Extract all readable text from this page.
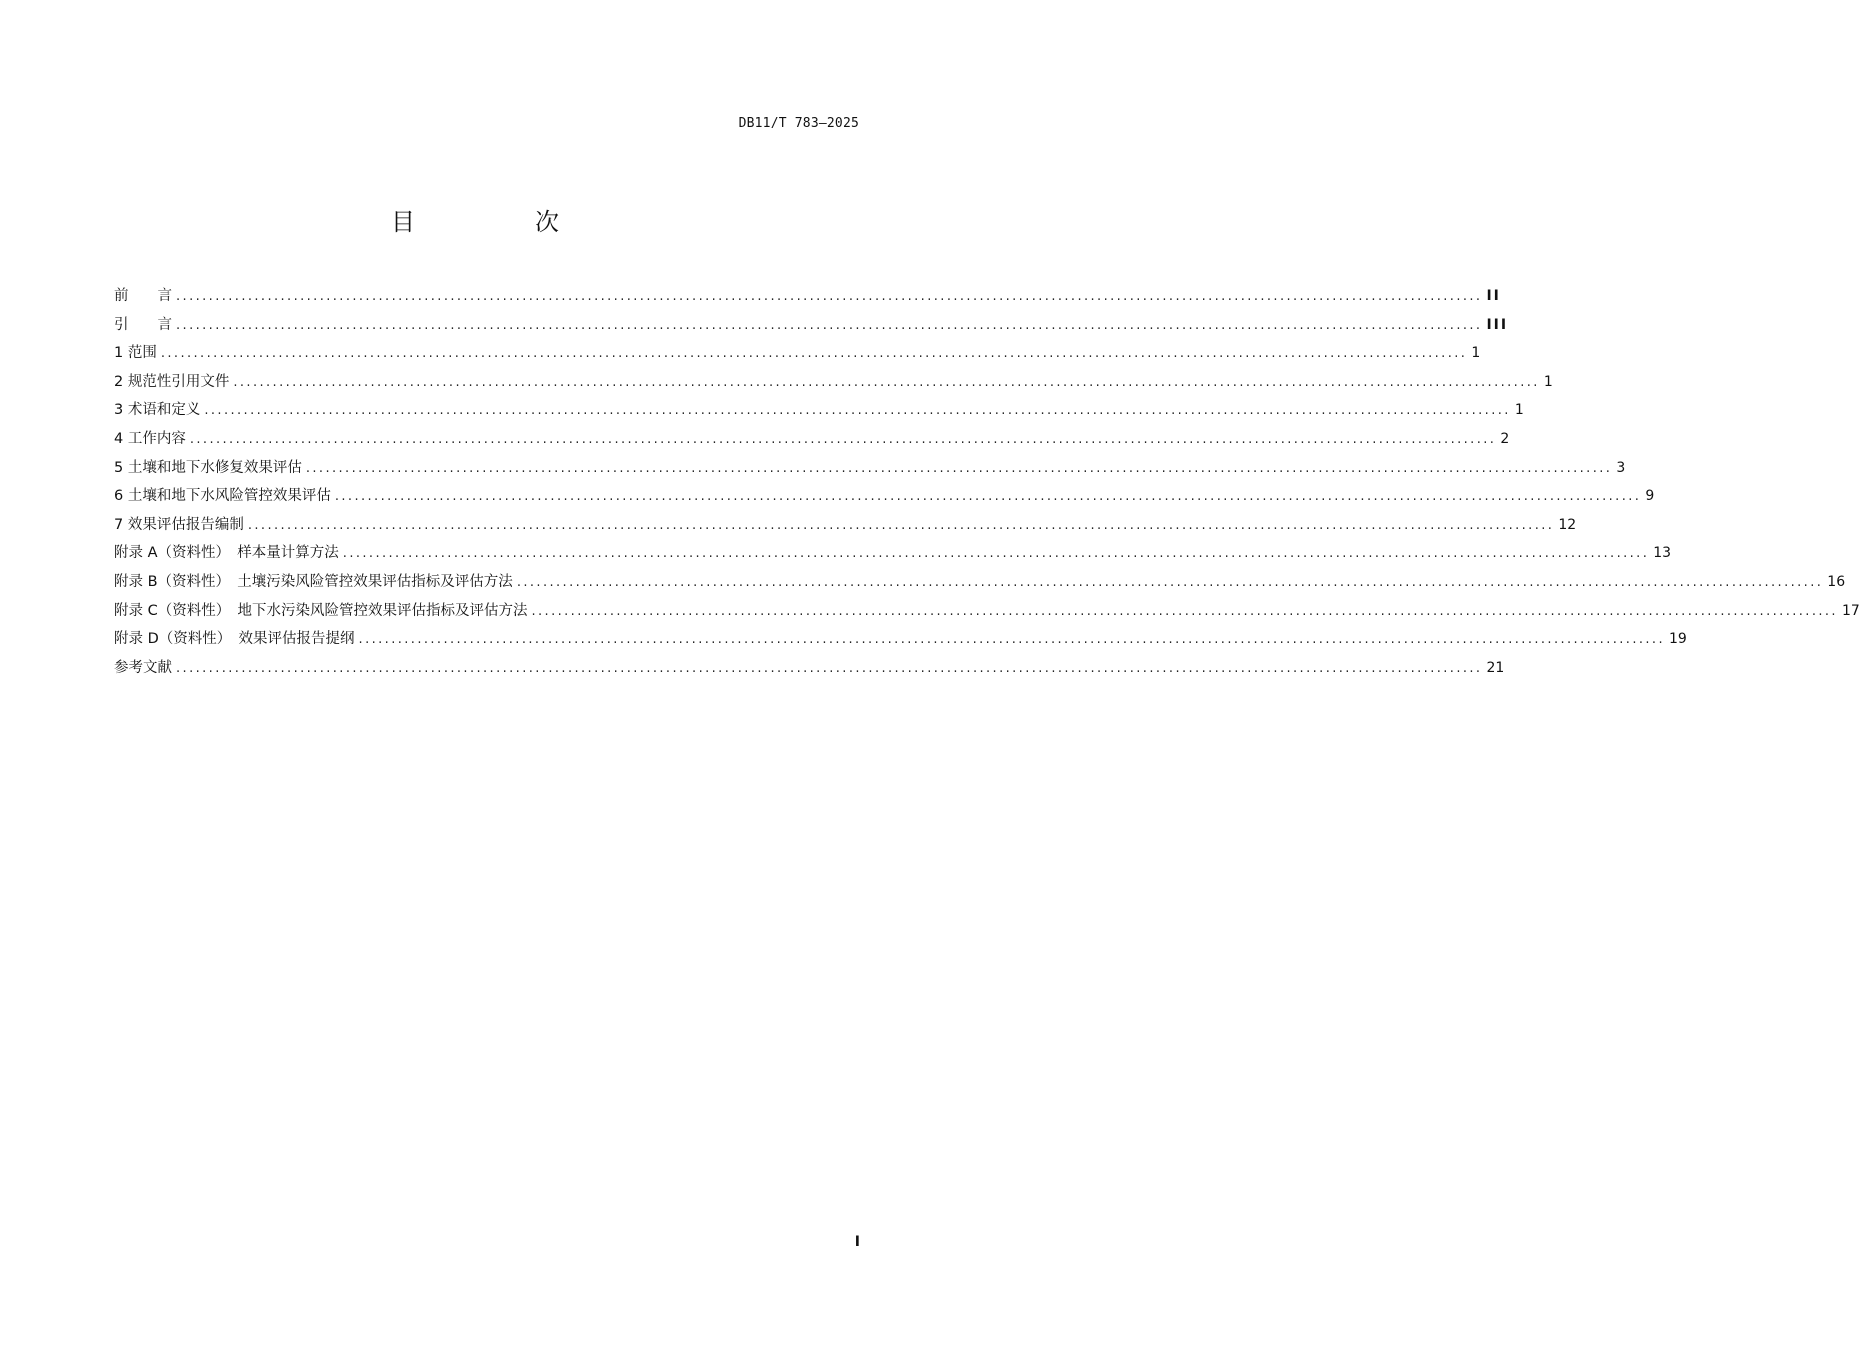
DB11/T 783—2025
目　次
前　　言 ........................................................................................................................................................................................................ II
引　　言 ........................................................................................................................................................................................................ III
1 范围 ........................................................................................................................................................................................................ 1
2 规范性引用文件 ........................................................................................................................................................................................................ 1
3 术语和定义 ........................................................................................................................................................................................................ 1
4 工作内容 ........................................................................................................................................................................................................ 2
5 土壤和地下水修复效果评估 ........................................................................................................................................................................................................ 3
6 土壤和地下水风险管控效果评估 ........................................................................................................................................................................................................ 9
7 效果评估报告编制 ........................................................................................................................................................................................................ 12
附录 A（资料性）　样本量计算方法 ........................................................................................................................................................................................................ 13
附录 B（资料性）　土壤污染风险管控效果评估指标及评估方法 ........................................................................................................................................................................................................ 16
附录 C（资料性）　地下水污染风险管控效果评估指标及评估方法 ........................................................................................................................................................................................................ 17
附录 D（资料性）　效果评估报告提纲 ........................................................................................................................................................................................................ 19
参考文献 ........................................................................................................................................................................................................ 21
I
